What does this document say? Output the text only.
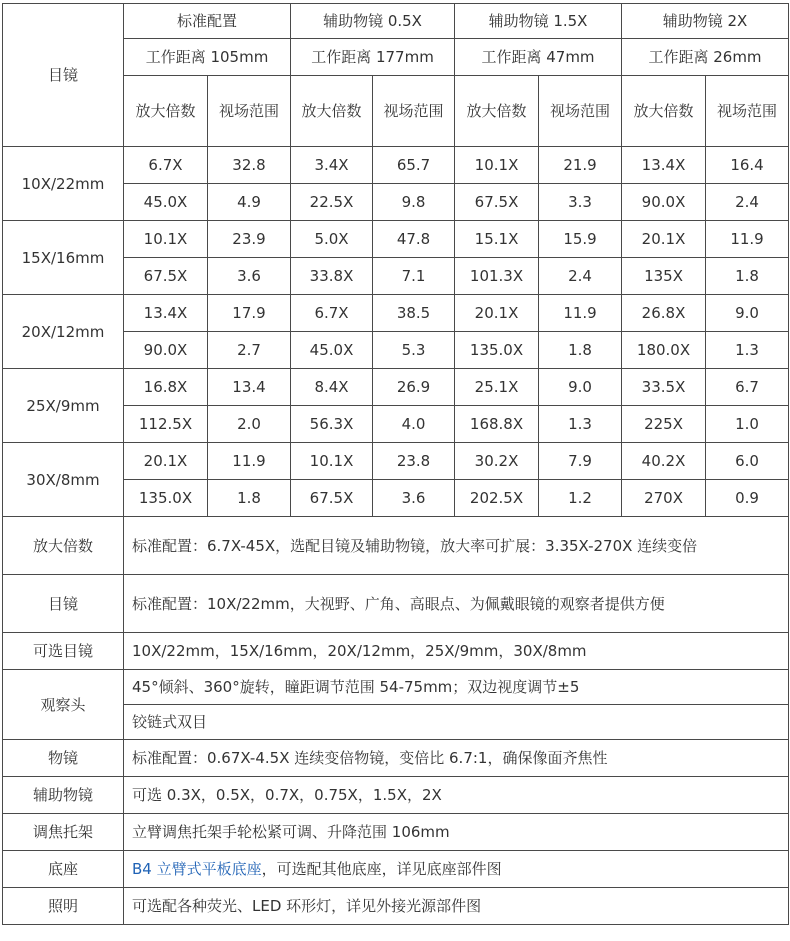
目镜	标准配置		辅助物镜 0.5X		辅助物镜 1.5X		辅助物镜 2X	
	工作距离 105mm		工作距离 177mm		工作距离 47mm		工作距离 26mm	
	放大倍数	视场范围	放大倍数	视场范围	放大倍数	视场范围	放大倍数	视场范围
10X/22mm	6.7X	32.8	3.4X	65.7	10.1X	21.9	13.4X	16.4
	45.0X	4.9	22.5X	9.8	67.5X	3.3	90.0X	2.4
15X/16mm	10.1X	23.9	5.0X	47.8	15.1X	15.9	20.1X	11.9
	67.5X	3.6	33.8X	7.1	101.3X	2.4	135X	1.8
20X/12mm	13.4X	17.9	6.7X	38.5	20.1X	11.9	26.8X	9.0
	90.0X	2.7	45.0X	5.3	135.0X	1.8	180.0X	1.3
25X/9mm	16.8X	13.4	8.4X	26.9	25.1X	9.0	33.5X	6.7
	112.5X	2.0	56.3X	4.0	168.8X	1.3	225X	1.0
30X/8mm	20.1X	11.9	10.1X	23.8	30.2X	7.9	40.2X	6.0
	135.0X	1.8	67.5X	3.6	202.5X	1.2	270X	0.9
放大倍数	标准配置：6.7X-45X，选配目镜及辅助物镜，放大率可扩展：3.35X-270X 连续变倍							
目镜	标准配置：10X/22mm，大视野、广角、高眼点、为佩戴眼镜的观察者提供方便							
可选目镜	10X/22mm，15X/16mm，20X/12mm，25X/9mm，30X/8mm							
观察头	45°倾斜、360°旋转，瞳距调节范围 54-75mm；双边视度调节±5							
	铰链式双目							
物镜	标准配置：0.67X-4.5X 连续变倍物镜，变倍比 6.7:1，确保像面齐焦性							
辅助物镜	可选 0.3X，0.5X，0.7X，0.75X，1.5X，2X							
调焦托架	立臂调焦托架手轮松紧可调、升降范围 106mm							
底座	B4 立臂式平板底座，可选配其他底座，详见底座部件图							
照明	可选配各种荧光、LED 环形灯，详见外接光源部件图							
